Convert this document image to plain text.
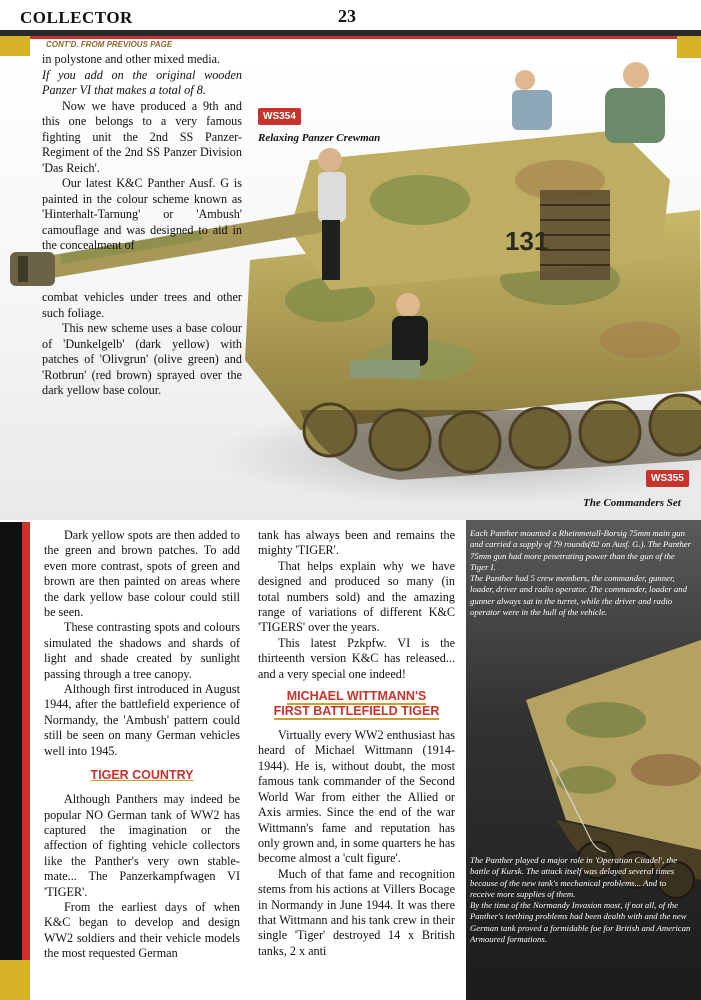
COLLECTOR	23
CONT'D. FROM PREVIOUS PAGE
131

in polystone and other mixed media.

If you add on the original wooden Panzer VI that makes a total of 8.

Now we have produced a 9th and this one belongs to a very famous fighting unit the 2nd SS Panzer-Regiment of the 2nd SS Panzer Division 'Das Reich'.

Our latest K&C Panther Ausf. G is painted in the colour scheme known as 'Hinterhalt-Tarnung' or 'Ambush' camouflage and was designed to aid in the concealment of

combat vehicles under trees and other such foliage.

This new scheme uses a base colour of 'Dunkelgelb' (dark yellow) with patches of 'Olivgrun' (olive green) and 'Rotbrun' (red brown) sprayed over the dark yellow base colour.

WS354
Relaxing Panzer Crewman
WS355
The Commanders Set

Dark yellow spots are then added to the green and brown patches. To add even more contrast, spots of green and brown are then painted on areas where the dark yellow base colour could still be seen.

These contrasting spots and colours simulated the shadows and shards of light and shade created by sunlight passing through a tree canopy.

Although first introduced in August 1944, after the battlefield experience of Normandy, the 'Ambush' pattern could still be seen on many German vehicles well into 1945.

TIGER COUNTRY

Although Panthers may indeed be popular NO German tank of WW2 has captured the imagination or the affection of fighting vehicle collectors like the Panther's very own stable-mate... The Panzerkampfwagen VI 'TIGER'.

From the earliest days of when K&C began to develop and design WW2 soldiers and their vehicle models the most requested German

tank has always been and remains the mighty 'TIGER'.

That helps explain why we have designed and produced so many (in total numbers sold) and the amazing range of variations of different K&C 'TIGERS' over the years.

This latest Pzkpfw. VI is the thirteenth version K&C has released... and a very special one indeed!

MICHAEL WITTMANN'S
FIRST BATTLEFIELD TIGER

Virtually every WW2 enthusiast has heard of Michael Wittmann (1914-1944). He is, without doubt, the most famous tank commander of the Second World War from either the Allied or Axis armies. Since the end of the war Wittmann's fame and reputation has only grown and, in some quarters he has become almost a 'cult figure'.

Much of that fame and recognition stems from his actions at Villers Bocage in Normandy in June 1944. It was there that Wittmann and his tank crew in their single 'Tiger' destroyed 14 x British tanks, 2 x anti

Each Panther mounted a Rheinmetall-Borsig 75mm main gun and carried a supply of 79 rounds(82 on Ausf. G.). The Panther 75mm gun had more penetrating power than the gun of the Tiger I.

The Panther had 5 crew members, the commander, gunner, loader, driver and radio operator. The commander, loader and gunner always sat in the turret, while the driver and radio operator were in the hull of the vehicle.

The Panther played a major role in 'Operation Citadel', the battle of Kursk. The attack itself was delayed several times because of the new tank's mechanical problems... And to receive more supplies of them.

By the time of the Normandy Invasion most, if not all, of the Panther's teething problems had been dealth with and the new German tank proved a formidable foe for British and American Armoured formations.
